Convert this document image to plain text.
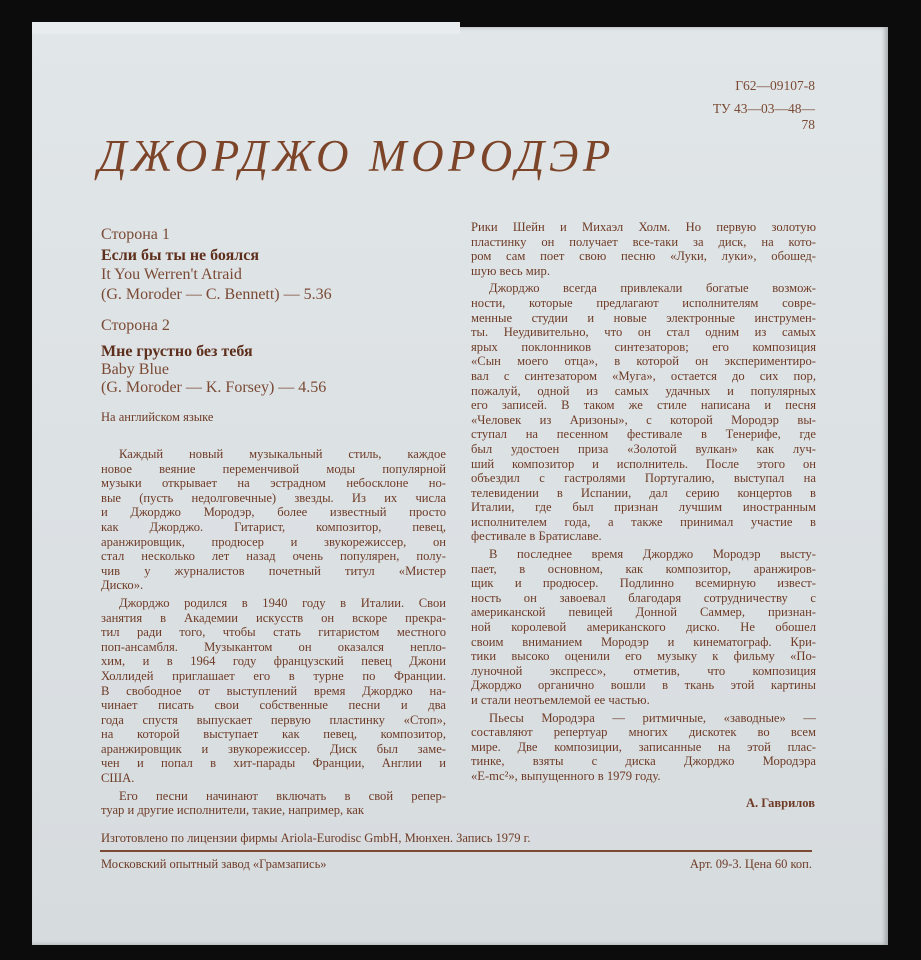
Г62—09107-8
ТУ 43—03—48—78
ДЖОРДЖО МОРОДЭР
Сторона 1
Если бы ты не боялся
It You Werren't Atraid
(G. Moroder — C. Bennett) — 5.36
Сторона 2
Мне грустно без тебя
Baby Blue
(G. Moroder — K. Forsey) — 4.56
На английском языке
Каждый новый музыкальный стиль, каждое
новое веяние переменчивой моды популярной
музыки открывает на эстрадном небосклоне но-
вые (пусть недолговечные) звезды. Из их числа
и Джорджо Мородэр, более известный просто
как Джорджо. Гитарист, композитор, певец,
аранжировщик, продюсер и звукорежиссер, он
стал несколько лет назад очень популярен, полу-
чив у журналистов почетный титул «Мистер
Диско».
Джорджо родился в 1940 году в Италии. Свои
занятия в Академии искусств он вскоре прекра-
тил ради того, чтобы стать гитаристом местного
поп-ансамбля. Музыкантом он оказался непло-
хим, и в 1964 году французский певец Джони
Холлидей приглашает его в турне по Франции.
В свободное от выступлений время Джорджо на-
чинает писать свои собственные песни и два
года спустя выпускает первую пластинку «Стоп»,
на которой выступает как певец, композитор,
аранжировщик и звукорежиссер. Диск был заме-
чен и попал в хит-парады Франции, Англии и
США.
Его песни начинают включать в свой репер-
туар и другие исполнители, такие, например, как
Рики Шейн и Михаэл Холм. Но первую золотую
пластинку он получает все-таки за диск, на кото-
ром сам поет свою песню «Луки, луки», обошед-
шую весь мир.
Джорджо всегда привлекали богатые возмож-
ности, которые предлагают исполнителям совре-
менные студии и новые электронные инструмен-
ты. Неудивительно, что он стал одним из самых
ярых поклонников синтезаторов; его композиция
«Сын моего отца», в которой он экспериментиро-
вал с синтезатором «Муга», остается до сих пор,
пожалуй, одной из самых удачных и популярных
его записей. В таком же стиле написана и песня
«Человек из Аризоны», с которой Мородэр вы-
ступал на песенном фестивале в Тенерифе, где
был удостоен приза «Золотой вулкан» как луч-
ший композитор и исполнитель. После этого он
объездил с гастролями Португалию, выступал на
телевидении в Испании, дал серию концертов в
Италии, где был признан лучшим иностранным
исполнителем года, а также принимал участие в
фестивале в Братиславе.
В последнее время Джорджо Мородэр высту-
пает, в основном, как композитор, аранжиров-
щик и продюсер. Подлинно всемирную извест-
ность он завоевал благодаря сотрудничеству с
американской певицей Донной Саммер, признан-
ной королевой американского диско. Не обошел
своим вниманием Мородэр и кинематограф. Кри-
тики высоко оценили его музыку к фильму «По-
луночной экспресс», отметив, что композиция
Джорджо органично вошли в ткань этой картины
и стали неотъемлемой ее частью.
Пьесы Мородэра — ритмичные, «заводные» —
составляют репертуар многих дискотек во всем
мире. Две композиции, записанные на этой плас-
тинке, взяты с диска Джорджо Мородэра
«E-mc²», выпущенного в 1979 году.
А. Гаврилов
Изготовлено по лицензии фирмы Ariola-Eurodisc GmbH, Мюнхен. Запись 1979 г.
Московский опытный завод «Грамзапись»	Арт. 09-3. Цена 60 коп.
